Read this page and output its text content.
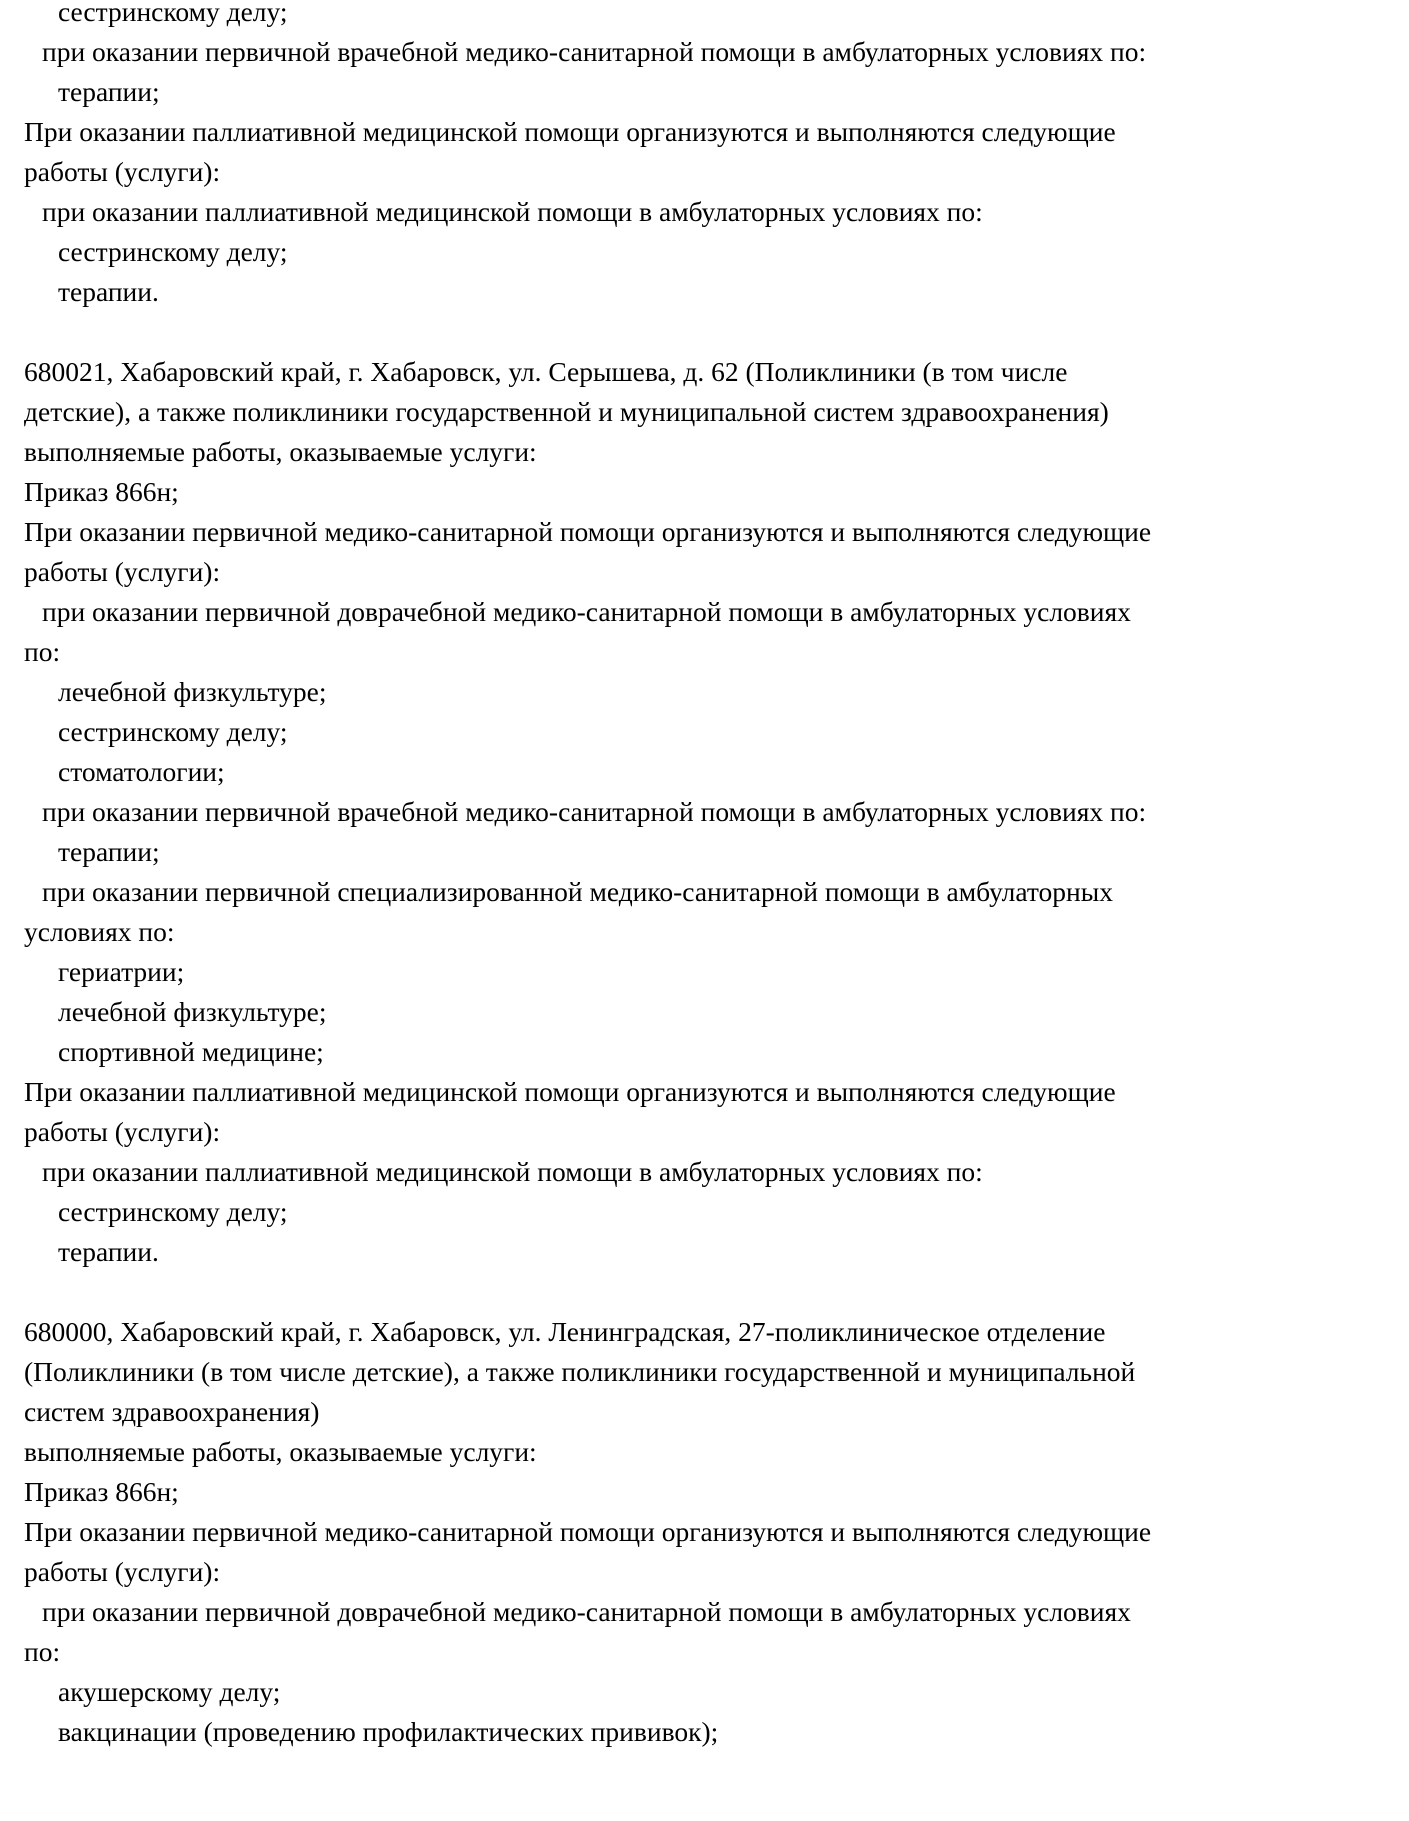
сестринскому делу;
при оказании первичной врачебной медико-санитарной помощи в амбулаторных условиях по:
терапии;
При оказании паллиативной медицинской помощи организуются и выполняются следующие
работы (услуги):
при оказании паллиативной медицинской помощи в амбулаторных условиях по:
сестринскому делу;
терапии.
680021, Хабаровский край, г. Хабаровск, ул. Серышева, д. 62 (Поликлиники (в том числе
детские), а также поликлиники государственной и муниципальной систем здравоохранения)
выполняемые работы, оказываемые услуги:
Приказ 866н;
При оказании первичной медико-санитарной помощи организуются и выполняются следующие
работы (услуги):
при оказании первичной доврачебной медико-санитарной помощи в амбулаторных условиях
по:
лечебной физкультуре;
сестринскому делу;
стоматологии;
при оказании первичной врачебной медико-санитарной помощи в амбулаторных условиях по:
терапии;
при оказании первичной специализированной медико-санитарной помощи в амбулаторных
условиях по:
гериатрии;
лечебной физкультуре;
спортивной медицине;
При оказании паллиативной медицинской помощи организуются и выполняются следующие
работы (услуги):
при оказании паллиативной медицинской помощи в амбулаторных условиях по:
сестринскому делу;
терапии.
680000, Хабаровский край, г. Хабаровск, ул. Ленинградская, 27-поликлиническое отделение
(Поликлиники (в том числе детские), а также поликлиники государственной и муниципальной
систем здравоохранения)
выполняемые работы, оказываемые услуги:
Приказ 866н;
При оказании первичной медико-санитарной помощи организуются и выполняются следующие
работы (услуги):
при оказании первичной доврачебной медико-санитарной помощи в амбулаторных условиях
по:
акушерскому делу;
вакцинации (проведению профилактических прививок);
